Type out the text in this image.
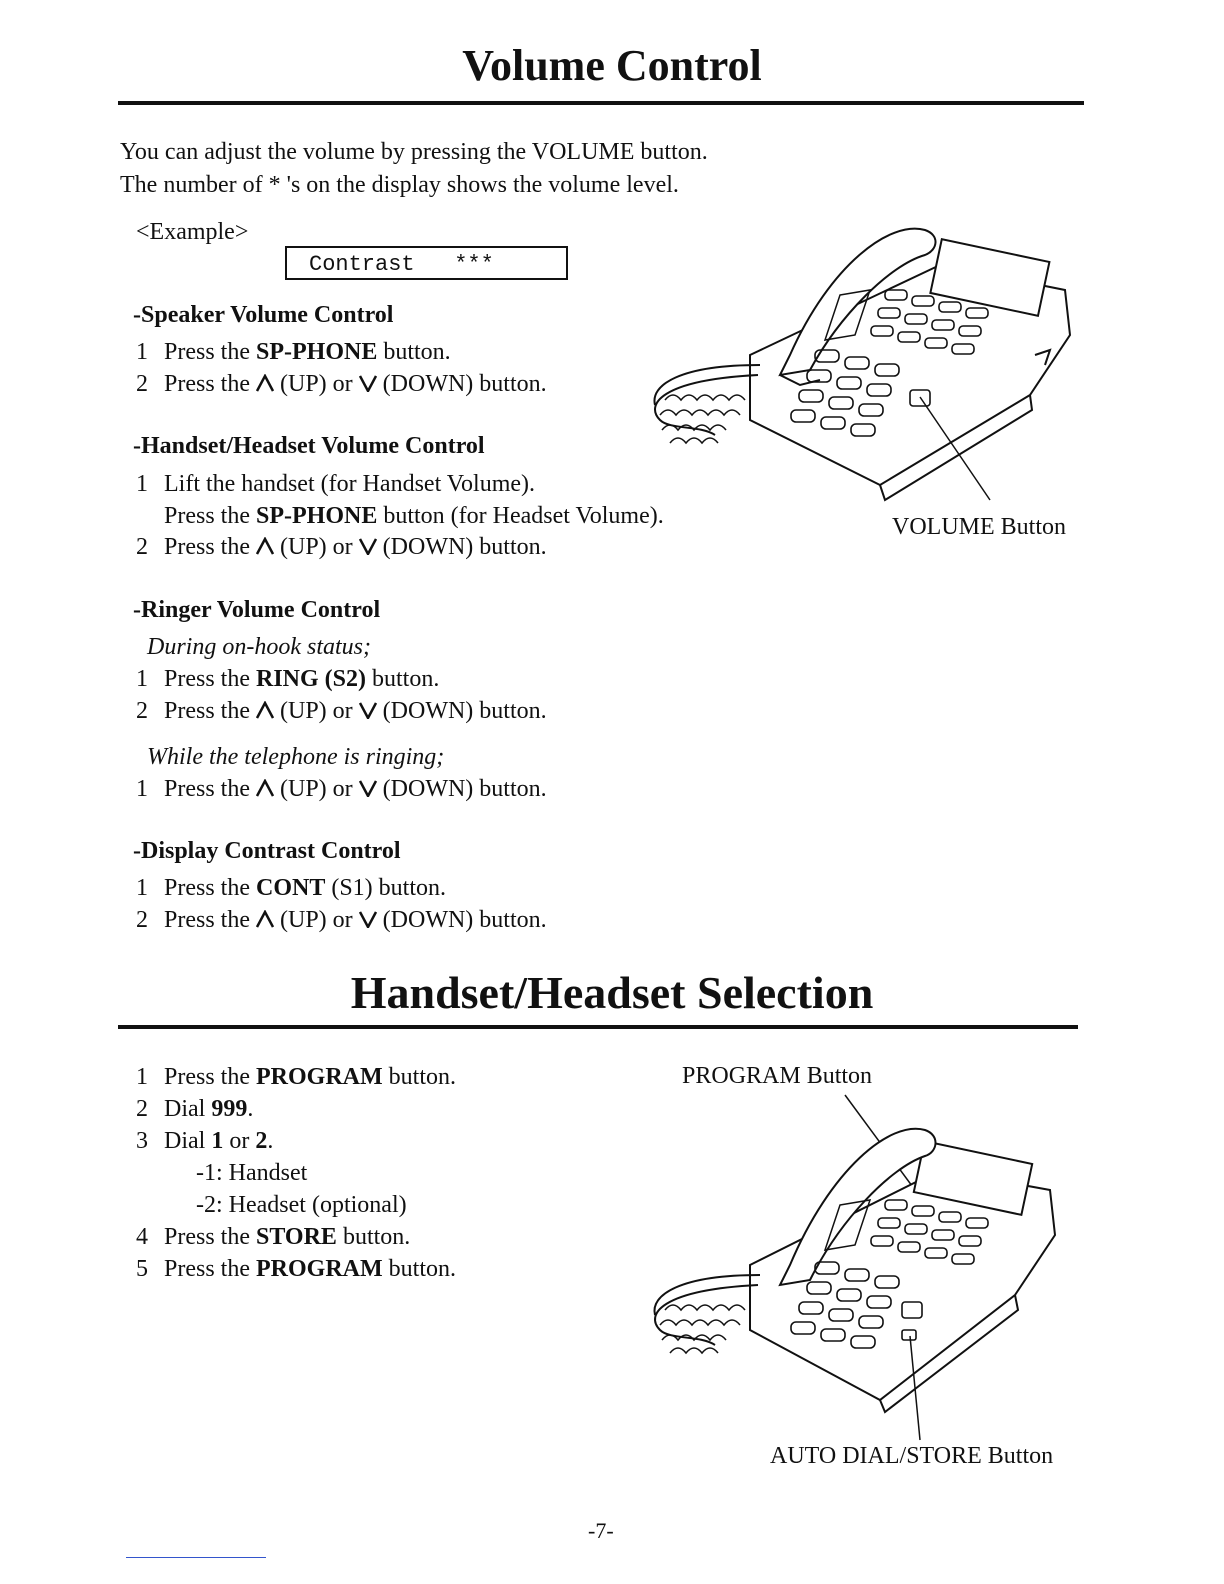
Volume Control
You can adjust the volume by pressing the VOLUME button.
The number of * 's on the display shows the volume level.
<Example>
Contrast   ***
-Speaker Volume Control
1 Press the SP-PHONE button.
2 Press the (UP) or (DOWN) button.
-Handset/Headset Volume Control
1 Lift the handset (for Handset Volume).
Press the SP-PHONE button (for Headset Volume).
2 Press the (UP) or (DOWN) button.
-Ringer Volume Control
During on-hook status;
1 Press the RING (S2) button.
2 Press the (UP) or (DOWN) button.
While the telephone is ringing;
1 Press the (UP) or (DOWN) button.
-Display Contrast Control
1 Press the CONT (S1) button.
2 Press the (UP) or (DOWN) button.
VOLUME Button
Handset/Headset Selection
1 Press the PROGRAM button.
2 Dial 999.
3 Dial 1 or 2.
-1: Handset
-2: Headset (optional)
4 Press the STORE button.
5 Press the PROGRAM button.
PROGRAM Button
AUTO DIAL/STORE Button
-7-
